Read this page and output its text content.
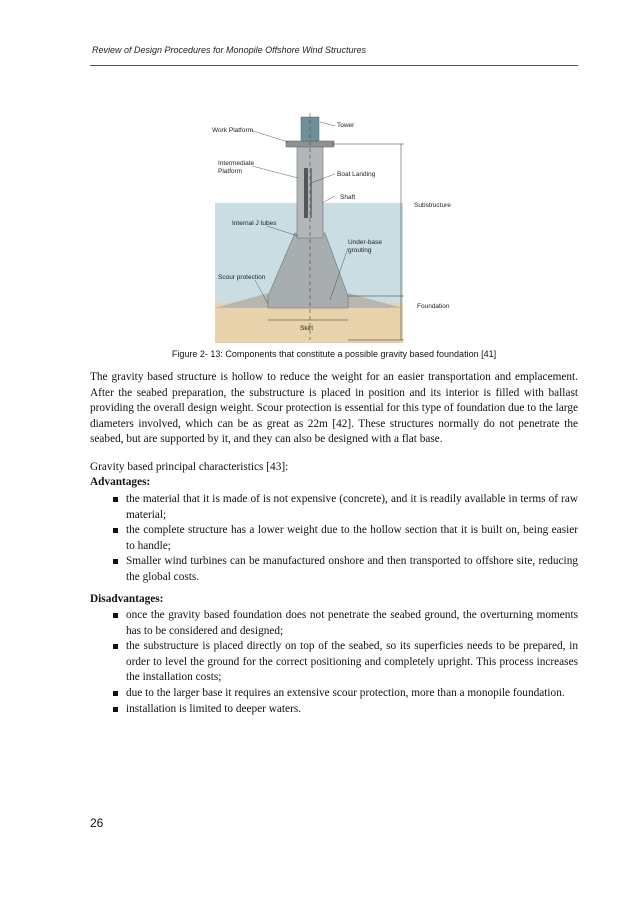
Review of Design Procedures for Monopile Offshore Wind Structures
Tower
Work Platform
Intermediate
Platform	Boat Landing
Shaft
Substructure
Internal J tubes
Under-base
grouting
Scour protection
Foundation
Skirt
Figure 2- 13: Components that constitute a possible gravity based foundation [41]

The gravity based structure is hollow to reduce the weight for an easier transportation and emplacement. After the seabed preparation, the substructure is placed in position and its interior is filled with ballast providing the overall design weight. Scour protection is essential for this type of foundation due to the large diameters involved, which can be as great as 22m [42]. These structures normally do not penetrate the seabed, but are supported by it, and they can also be designed with a flat base.

Gravity based principal characteristics [43]:

Advantages:

the material that it is made of is not expensive (concrete), and it is readily available in terms of raw material;
the complete structure has a lower weight due to the hollow section that it is built on, being easier to handle;
Smaller wind turbines can be manufactured onshore and then transported to offshore site, reducing the global costs.

Disadvantages:

once the gravity based foundation does not penetrate the seabed ground, the overturning moments has to be considered and designed;
the substructure is placed directly on top of the seabed, so its superficies needs to be prepared, in order to level the ground for the correct positioning and completely upright. This process increases the installation costs;
due to the larger base it requires an extensive scour protection, more than a monopile foundation.
installation is limited to deeper waters.
26
